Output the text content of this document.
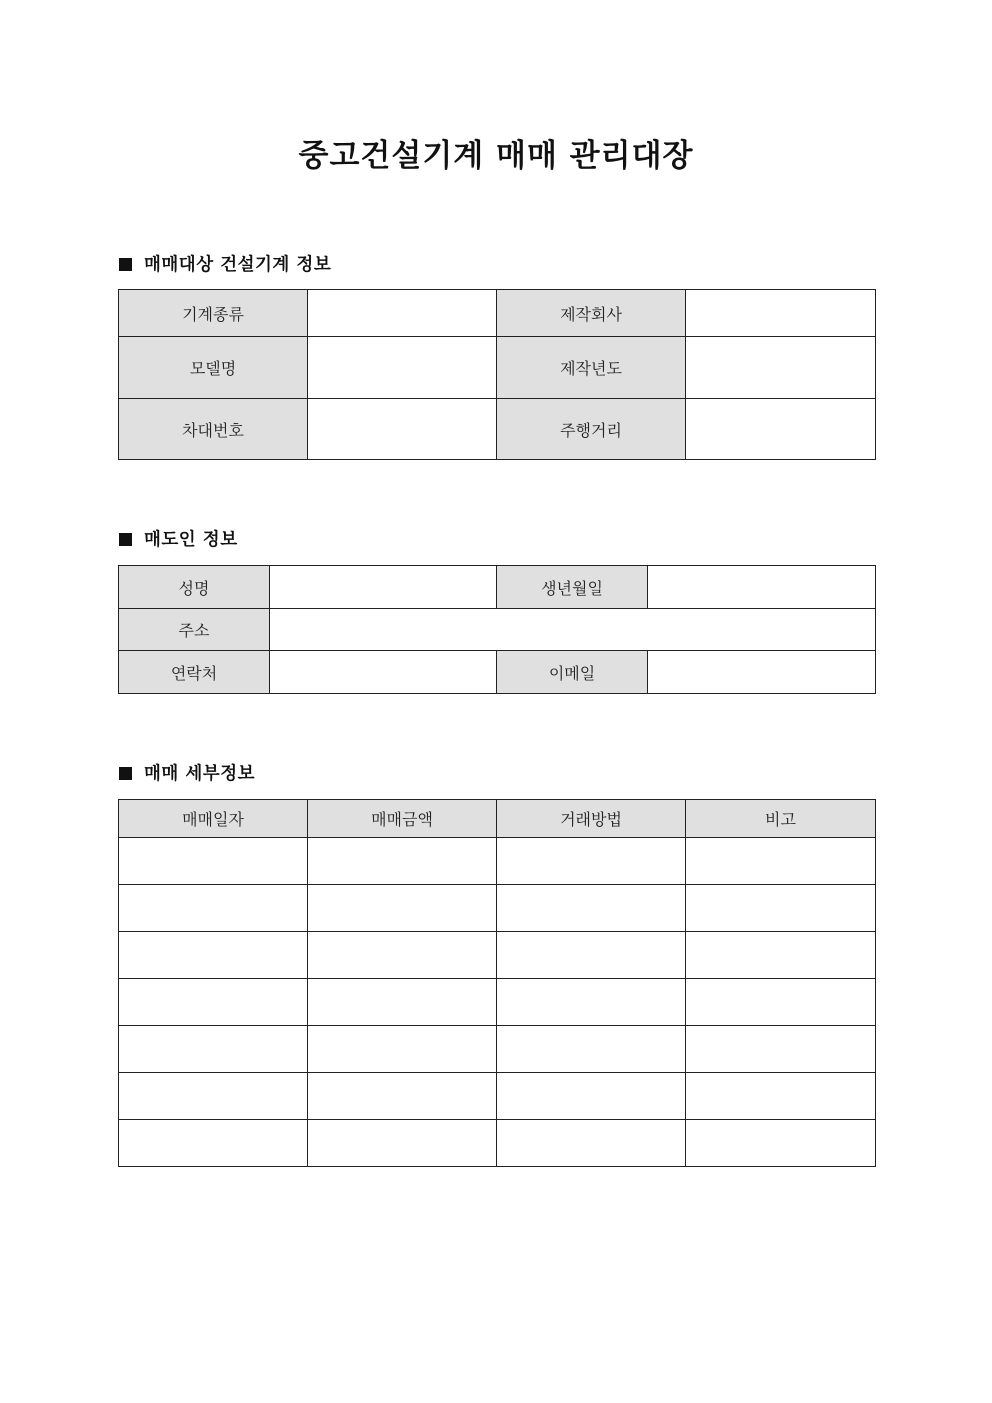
중고건설기계 매매 관리대장
매매대상 건설기계 정보
기계종류		제작회사	
모델명		제작년도	
차대번호		주행거리	
매도인 정보
성명		생년월일	
주소			
연락처		이메일	
매매 세부정보
매매일자	매매금액	거래방법	비고
